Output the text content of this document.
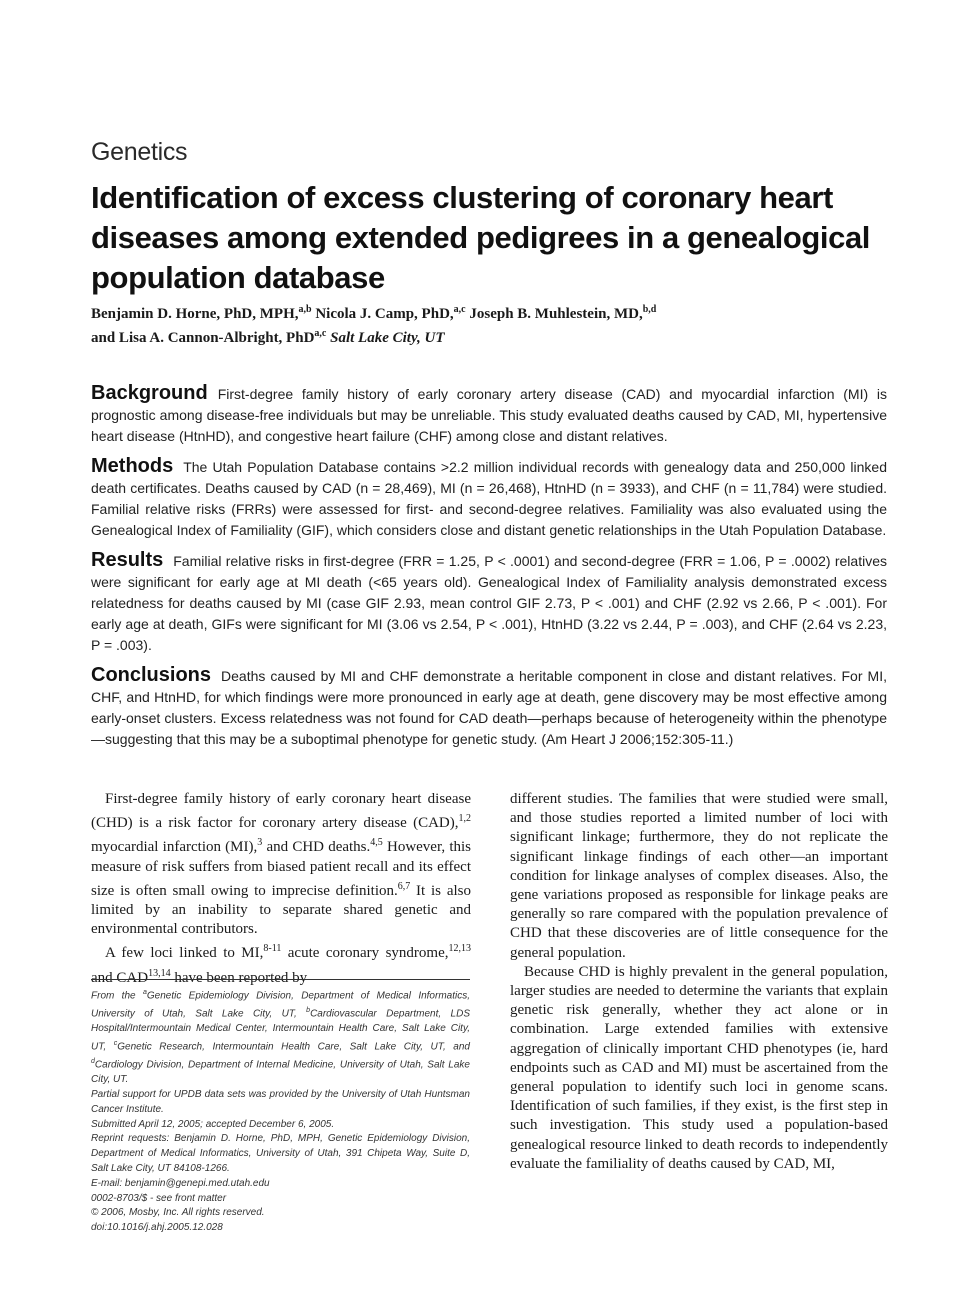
Genetics
Identification of excess clustering of coronary heart diseases among extended pedigrees in a genealogical population database
Benjamin D. Horne, PhD, MPH,$^{a,b}$ Nicola J. Camp, PhD,$^{a,c}$ Joseph B. Muhlestein, MD,$^{b,d}$
and Lisa A. Cannon-Albright, PhD$^{a,c}$ Salt Lake City, UT

Background First-degree family history of early coronary artery disease (CAD) and myocardial infarction (MI) is prognostic among disease-free individuals but may be unreliable. This study evaluated deaths caused by CAD, MI, hypertensive heart disease (HtnHD), and congestive heart failure (CHF) among close and distant relatives.

Methods The Utah Population Database contains >2.2 million individual records with genealogy data and 250,000 linked death certificates. Deaths caused by CAD (n = 28,469), MI (n = 26,468), HtnHD (n = 3933), and CHF (n = 11,784) were studied. Familial relative risks (FRRs) were assessed for first- and second-degree relatives. Familiality was also evaluated using the Genealogical Index of Familiality (GIF), which considers close and distant genetic relationships in the Utah Population Database.

Results Familial relative risks in first-degree (FRR = 1.25, P < .0001) and second-degree (FRR = 1.06, P = .0002) relatives were significant for early age at MI death (<65 years old). Genealogical Index of Familiality analysis demonstrated excess relatedness for deaths caused by MI (case GIF 2.93, mean control GIF 2.73, P < .001) and CHF (2.92 vs 2.66, P < .001). For early age at death, GIFs were significant for MI (3.06 vs 2.54, P < .001), HtnHD (3.22 vs 2.44, P = .003), and CHF (2.64 vs 2.23, P = .003).

Conclusions Deaths caused by MI and CHF demonstrate a heritable component in close and distant relatives. For MI, CHF, and HtnHD, for which findings were more pronounced in early age at death, gene discovery may be most effective among early-onset clusters. Excess relatedness was not found for CAD death—perhaps because of heterogeneity within the phenotype—suggesting that this may be a suboptimal phenotype for genetic study. (Am Heart J 2006;152:305-11.)

First-degree family history of early coronary heart disease (CHD) is a risk factor for coronary artery disease (CAD),$^{1,2}$ myocardial infarction (MI),$^3$ and CHD deaths.$^{4,5}$ However, this measure of risk suffers from biased patient recall and its effect size is often small owing to imprecise definition.$^{6,7}$ It is also limited by an inability to separate shared genetic and environmental contributors.

A few loci linked to MI,$^{8-11}$ acute coronary syndrome,$^{12,13}$ and CAD$^{13,14}$ have been reported by

From the $^a$Genetic Epidemiology Division, Department of Medical Informatics, University of Utah, Salt Lake City, UT, $^b$Cardiovascular Department, LDS Hospital/Intermountain Medical Center, Intermountain Health Care, Salt Lake City, UT, $^c$Genetic Research, Intermountain Health Care, Salt Lake City, UT, and $^d$Cardiology Division, Department of Internal Medicine, University of Utah, Salt Lake City, UT.

Partial support for UPDB data sets was provided by the University of Utah Huntsman Cancer Institute.

Submitted April 12, 2005; accepted December 6, 2005.

Reprint requests: Benjamin D. Horne, PhD, MPH, Genetic Epidemiology Division, Department of Medical Informatics, University of Utah, 391 Chipeta Way, Suite D, Salt Lake City, UT 84108-1266.

E-mail: benjamin@genepi.med.utah.edu

0002-8703/$ - see front matter

© 2006, Mosby, Inc. All rights reserved.

doi:10.1016/j.ahj.2005.12.028

different studies. The families that were studied were small, and those studies reported a limited number of loci with significant linkage; furthermore, they do not replicate the significant linkage findings of each other—an important condition for linkage analyses of complex diseases. Also, the gene variations proposed as responsible for linkage peaks are generally so rare compared with the population prevalence of CHD that these discoveries are of little consequence for the general population.

Because CHD is highly prevalent in the general population, larger studies are needed to determine the variants that explain genetic risk generally, whether they act alone or in combination. Large extended families with extensive aggregation of clinically important CHD phenotypes (ie, hard endpoints such as CAD and MI) must be ascertained from the general population to identify such loci in genome scans. Identification of such families, if they exist, is the first step in such investigation. This study used a population-based genealogical resource linked to death records to independently evaluate the familiality of deaths caused by CAD, MI,
